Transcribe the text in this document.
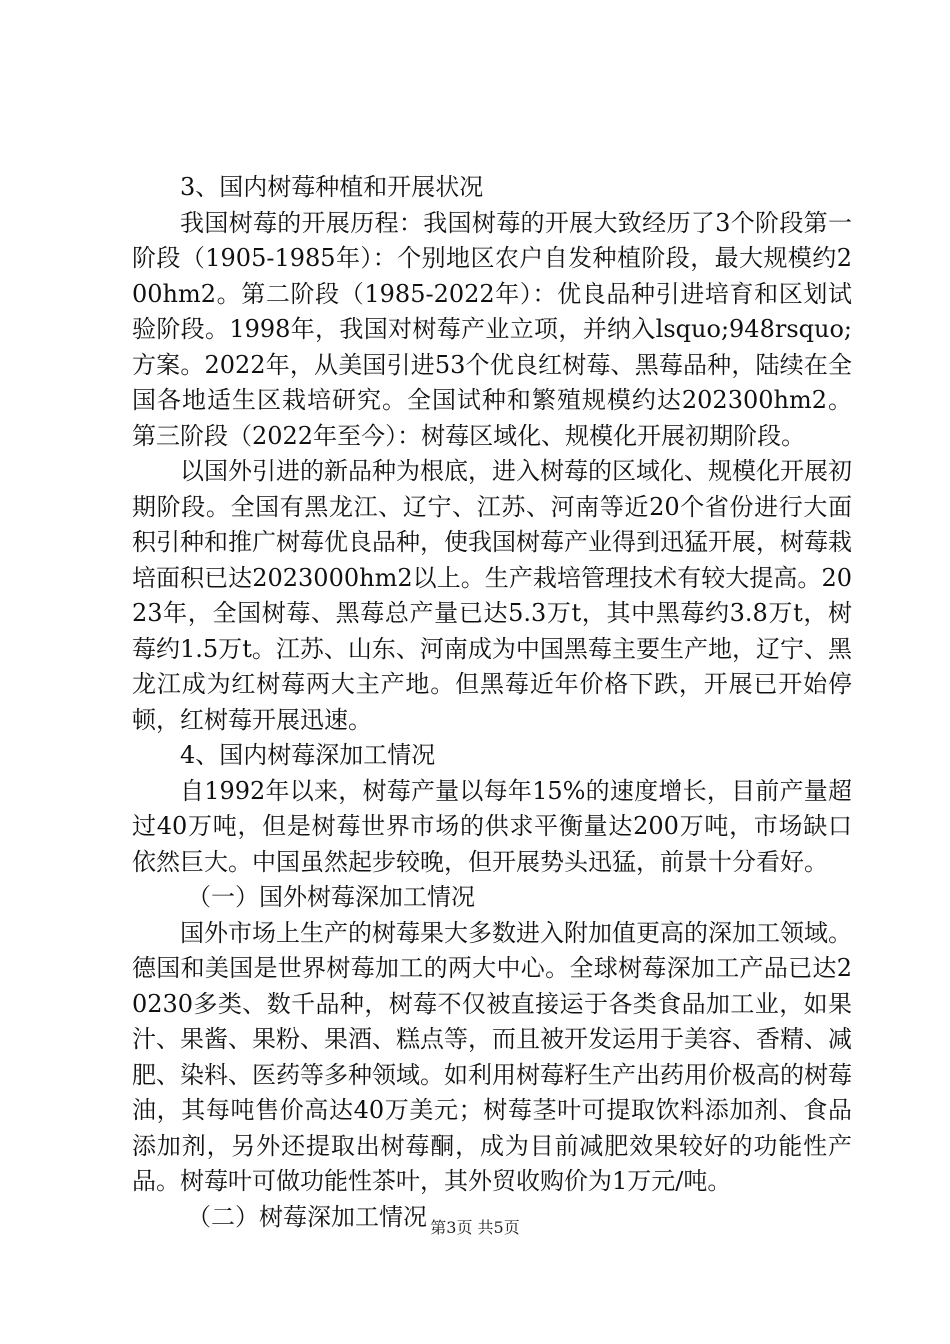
3、国内树莓种植和开展状况

我国树莓的开展历程：我国树莓的开展大致经历了3个阶段第一阶段（1905-1985年）：个别地区农户自发种植阶段，最大规模约200hm2。第二阶段（1985-2022年）：优良品种引进培育和区划试验阶段。1998年，我国对树莓产业立项，并纳入lsquo;948rsquo;方案。2022年，从美国引进53个优良红树莓、黑莓品种，陆续在全国各地适生区栽培研究。全国试种和繁殖规模约达202300hm2。第三阶段（2022年至今）：树莓区域化、规模化开展初期阶段。

以国外引进的新品种为根底，进入树莓的区域化、规模化开展初期阶段。全国有黑龙江、辽宁、江苏、河南等近20个省份进行大面积引种和推广树莓优良品种，使我国树莓产业得到迅猛开展，树莓栽培面积已达2023000hm2以上。生产栽培管理技术有较大提高。2023年，全国树莓、黑莓总产量已达5.3万t，其中黑莓约3.8万t，树莓约1.5万t。江苏、山东、河南成为中国黑莓主要生产地，辽宁、黑龙江成为红树莓两大主产地。但黑莓近年价格下跌，开展已开始停顿，红树莓开展迅速。

4、国内树莓深加工情况

自1992年以来，树莓产量以每年15%的速度增长，目前产量超过40万吨，但是树莓世界市场的供求平衡量达200万吨，市场缺口依然巨大。中国虽然起步较晚，但开展势头迅猛，前景十分看好。

（一）国外树莓深加工情况

国外市场上生产的树莓果大多数进入附加值更高的深加工领域。德国和美国是世界树莓加工的两大中心。全球树莓深加工产品已达20230多类、数千品种，树莓不仅被直接运于各类食品加工业，如果汁、果酱、果粉、果酒、糕点等，而且被开发运用于美容、香精、减肥、染料、医药等多种领域。如利用树莓籽生产出药用价极高的树莓油，其每吨售价高达40万美元；树莓茎叶可提取饮料添加剂、食品添加剂，另外还提取出树莓酮，成为目前减肥效果较好的功能性产品。树莓叶可做功能性茶叶，其外贸收购价为1万元/吨。

（二）树莓深加工情况 第3页 共5页
